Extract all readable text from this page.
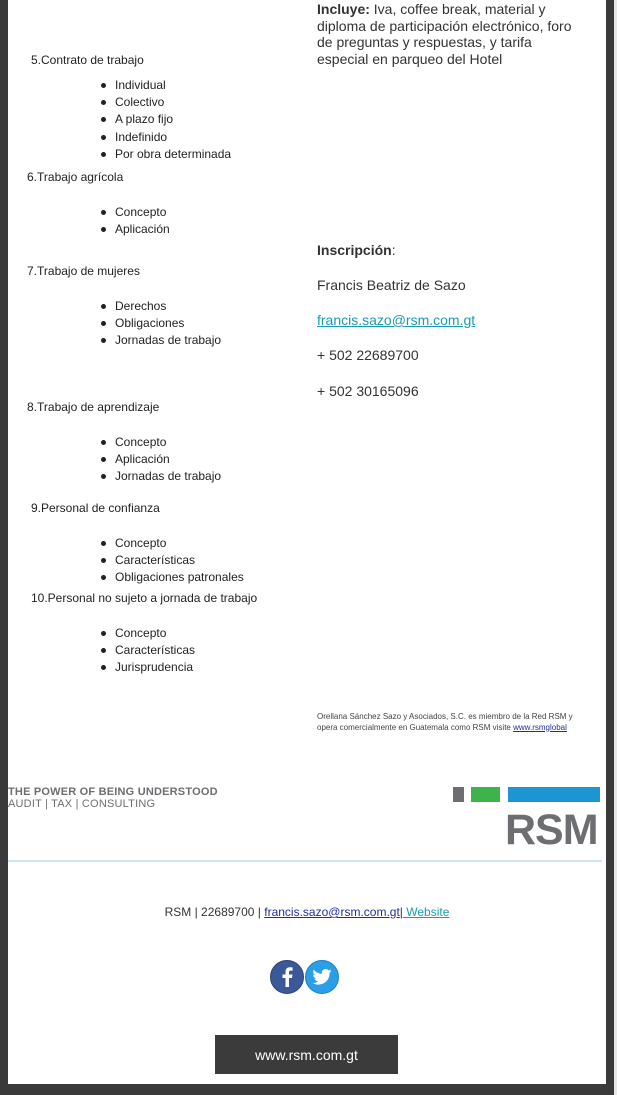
5.Contrato de trabajo
Individual
Colectivo
A plazo fijo
Indefinido
Por obra determinada
6.Trabajo agrícola
Concepto
Aplicación
7.Trabajo de mujeres
Derechos
Obligaciones
Jornadas de trabajo
8.Trabajo de aprendizaje
Concepto
Aplicación
Jornadas de trabajo
9.Personal de confianza
Concepto
Características
Obligaciones patronales
10.Personal no sujeto a jornada de trabajo
Concepto
Características
Jurisprudencia
Incluye: Iva, coffee break, material y diploma de participación electrónico, foro de preguntas y respuestas, y tarifa especial en parqueo del Hotel
Inscripción:
Francis Beatriz de Sazo
francis.sazo@rsm.com.gt
+ 502 22689700
+ 502 30165096
Orellana Sánchez Sazo y Asociados, S.C. es miembro de la Red RSM y opera comercialmente en Guatemala como RSM visite www.rsmglobal
THE POWER OF BEING UNDERSTOOD
AUDIT | TAX | CONSULTING
RSM
RSM | 22689700 | francis.sazo@rsm.com.gt| Website
www.rsm.com.gt
